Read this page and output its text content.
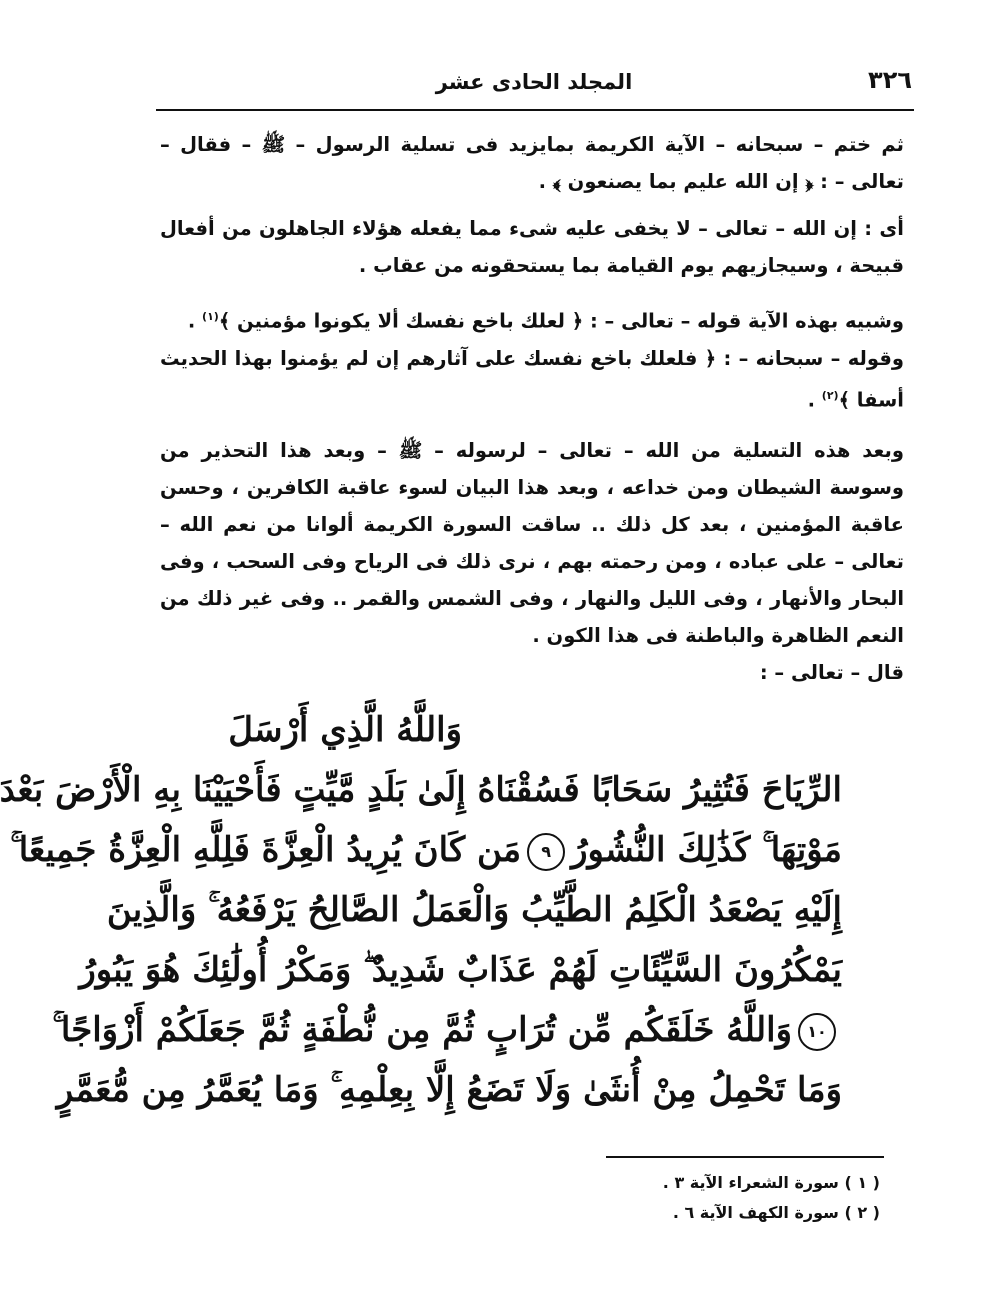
٣٢٦
المجلد الحادى عشر

ثم ختم – سبحانه – الآية الكريمة بمايزيد فى تسلية الرسول – ﷺ – فقال – تعالى – : ﴿ إن الله عليم بما يصنعون ﴾ .

أى : إن الله – تعالى – لا يخفى عليه شىء مما يفعله هؤلاء الجاهلون من أفعال قبيحة ، وسيجازيهم يوم القيامة بما يستحقونه من عقاب .

وشبيه بهذه الآية قوله – تعالى – : ﴿ لعلك باخع نفسك ألا يكونوا مؤمنين ﴾$^{(١)}$ .

وقوله – سبحانه – : ﴿ فلعلك باخع نفسك على آثارهم إن لم يؤمنوا بهذا الحديث أسفا ﴾$^{(٢)}$ .

وبعد هذه التسلية من الله – تعالى – لرسوله – ﷺ – وبعد هذا التحذير من وسوسة الشيطان ومن خداعه ، وبعد هذا البيان لسوء عاقبة الكافرين ، وحسن عاقبة المؤمنين ، بعد كل ذلك .. ساقت السورة الكريمة ألوانا من نعم الله – تعالى – على عباده ، ومن رحمته بهم ، نرى ذلك فى الرياح وفى السحب ، وفى البحار والأنهار ، وفى الليل والنهار ، وفى الشمس والقمر .. وفى غير ذلك من النعم الظاهرة والباطنة فى هذا الكون .

قال – تعالى – :

وَاللَّهُ الَّذِي أَرْسَلَ
الرِّيَاحَ فَتُثِيرُ سَحَابًا فَسُقْنَاهُ إِلَىٰ بَلَدٍ مَّيِّتٍ فَأَحْيَيْنَا بِهِ الْأَرْضَ بَعْدَ
مَوْتِهَا ۚ كَذَٰلِكَ النُّشُورُ٩مَن كَانَ يُرِيدُ الْعِزَّةَ فَلِلَّهِ الْعِزَّةُ جَمِيعًا ۚ
إِلَيْهِ يَصْعَدُ الْكَلِمُ الطَّيِّبُ وَالْعَمَلُ الصَّالِحُ يَرْفَعُهُ ۚ وَالَّذِينَ
يَمْكُرُونَ السَّيِّئَاتِ لَهُمْ عَذَابٌ شَدِيدٌ ۖ وَمَكْرُ أُولَٰئِكَ هُوَ يَبُورُ
١٠وَاللَّهُ خَلَقَكُم مِّن تُرَابٍ ثُمَّ مِن نُّطْفَةٍ ثُمَّ جَعَلَكُمْ أَزْوَاجًا ۚ
وَمَا تَحْمِلُ مِنْ أُنثَىٰ وَلَا تَضَعُ إِلَّا بِعِلْمِهِ ۚ وَمَا يُعَمَّرُ مِن مُّعَمَّرٍ
( ١ ) سورة الشعراء الآية ٣ .
( ٢ ) سورة الكهف الآية ٦ .
